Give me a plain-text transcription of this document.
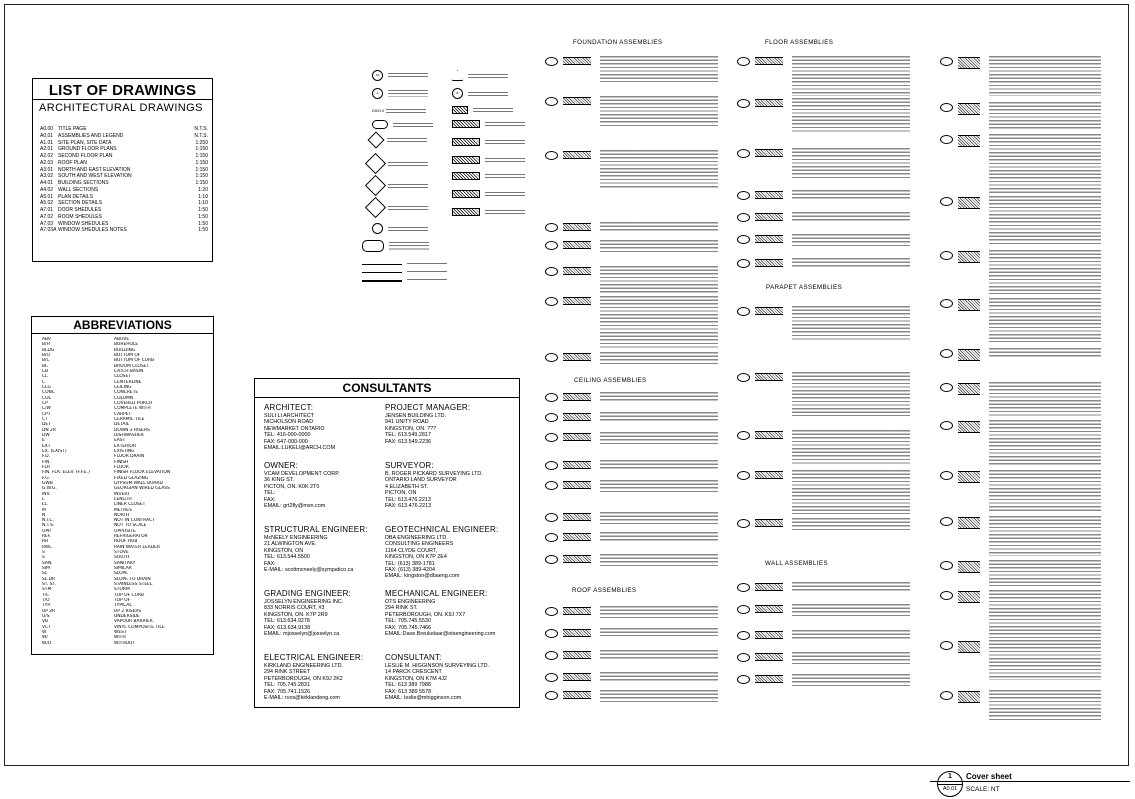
LIST OF DRAWINGS
ARCHITECTURAL DRAWINGS
A0.00 TITLE PAGE	N.T.S.
A0.01 ASSEMBLIES AND LEGEND	N.T.S.
A1.01 SITE PLAN, SITE DATA	1:250
A2.01 GROUND FLOOR PLANS	1:150
A2.02 SECOND FLOOR PLAN	1:150
A2.03 ROOF PLAN	1:150
A3.01 NORTH AND EAST ELEVATION	1:150
A3.02 SOUTH AND WEST ELEVATION	1:150
A4.01 BUILDING SECTIONS	1:150
A4.02 WALL SECTIONS	1:20
A5.01 PLAN DETAILS	1:10
A5.02 SECTION DETAILS	1:10
A7.01 DOOR SHEDULES	1:50
A7.02 ROOM SHEDULES	1:50
A7.03 WINDOW SHEDULES	1:50
A7.03A WINDOW SHEDULES NOTES	1:50
ABBREVIATIONS
ABV.	ABOVE
B/H	BOREHOLE
BLDG	BUILDING
B/O	BOTTOM OF
B/C	BOTTOM OF CURB
BC	BROOM CLOSET
CB	CATCH BASIN
CL	CLOSET
C	CENTERLINE
CLG	CEILING
CONC	CONCRETE
COL	COLUMN
CP	COVERED PORCH
C/W	COMPLETE WITH
CPT	CARPET
CT	CERAMIC TILE
DET	DETAIL
DN 2R	DOWN 2 RISERS
DW	DISHWASHER
E	EAST
EXT	EXTERIOR
EX. (EXIST)	EXISTING
F.D.	FLOOR DRAIN
FIN	FINISH
FLR	FLOOR
FIN. FLR. ELEV. (F.F.E.)	FINISH FLOOR ELEVATION
F.G.	FIXED GLAZING
GWB	GYPSUM WALL BOARD
G.W.G.	GEORGIAN WIRED GLASS
INV.	INVERT
L	LENGTH
LC	LINER CLOSET
M	METRES
N	NORTH
N.I.C.	NOT IN CONTRACT
N.T.S.	NOT TO SCALE
OPP.	OPPOSITE
REF.	REFRIGERATOR
RH	ROOF HUB
RWL	RAIN WATER LEADER
S	STOVE
S	SOUTH
SAN.	SANITARY
SIM	SIMILAR
SL	SLOPE
SL.DR	SLOPE TO DRAIN
ST. ST.	STAINLESS STEEL
STM	STORM
T/C	TOP OF CURB
T/O	TOP OF
TYP.	TYPICAL
UP 2R	UP 2 RISERS
U/S	UNDERSIDE
VB	VAPOUR BARRIER
VCT	VINYL COMPOSITE TILE
W	WEST
W/	WITH
W/O	WITHOUT
CONSULTANTS
ARCHITECT:
SULI LI ARCHITECT
NICHOLSON ROAD
NEWMARKET ONTARIO
TEL: 416-000-0000
FAX: 647-000-000
EMAIL:LUKELI@ARCH.COM
PROJECT MANAGER:
JENSEN BUILDING LTD.
941 UNITY ROAD
KINGSTON, ON. ???
TEL: 613.549.2817
FAX: 613.549.2236
OWNER:
VCAM DEVELOPMENT CORP.
36 KING ST.
PICTON, ON. K0K 2T0
TEL:
FAX:
EMAIL: grt2fly@msn.com
SURVEYOR:
B. ROGER PICKARD SURVEYING LTD.
ONTARIO LAND SURVEYOR
4 ELIZABETH ST.
PICTON, ON
TEL: 613.476.2213
FAX: 613.476.2213
STRUCTURAL ENGINEER:
McNEELY ENGINEERING
21 ALWINGTON AVE.
KINGSTON, ON
TEL: 613.544.5500
FAX:
E-MAIL: scottmcneely@sympatico.ca
GEOTECHNICAL ENGINEER:
DBA ENGINEERING LTD.
CONSULTING ENGINEERS
1164 CLYDE COURT,
KINGSTON, ON K7P 2E4
TEL: (613) 389-1781
FAX: (613) 389-4204
EMAIL: kingston@dbaeng.com
GRADING ENGINEER:
JOSSELYN ENGINEERING INC.
833 NORRIS COURT, #3
KINGSTON, ON. K7P 2R9
TEL: 613.634.9278
FAX: 613.634.9138
EMAIL: mjosselyn@josselyn.ca
MECHANICAL ENGINEER:
OTS ENGINEERING
294 RINK ST.
PETERBOROUGH, ON. K9J 7X7
TEL: 705.745.5530
FAX: 705.745.7466
EMAIL:Dave.Breukelaar@otsengineering.com
ELECTRICAL ENGINEER:
KIRKLAND ENGINEERING LTD.
294 RINK STREET
PETERBOROUGH, ON K9J 2K2
TEL: 705.745.2831
FAX: 705.741.1526
E-MAIL: rvos@kirklandeng.com
CONSULTANT:
LESLIE M. HIGGINSON SURVEYING LTD.
14 PARCK CRESCENT
KINGSTON, ON K7M 4J2
TEL: 613 389 7988
FAX: 613 389 5578
EMAIL: leslie@mhigginson.com
A0
A	B
D001X
FOUNDATION ASSEMBLIES
CEILING ASSEMBLIES
ROOF ASSEMBLIES
FLOOR ASSEMBLIES
PARAPET ASSEMBLIES
WALL ASSEMBLIES
1
A0.01
Cover sheet
SCALE: NT
